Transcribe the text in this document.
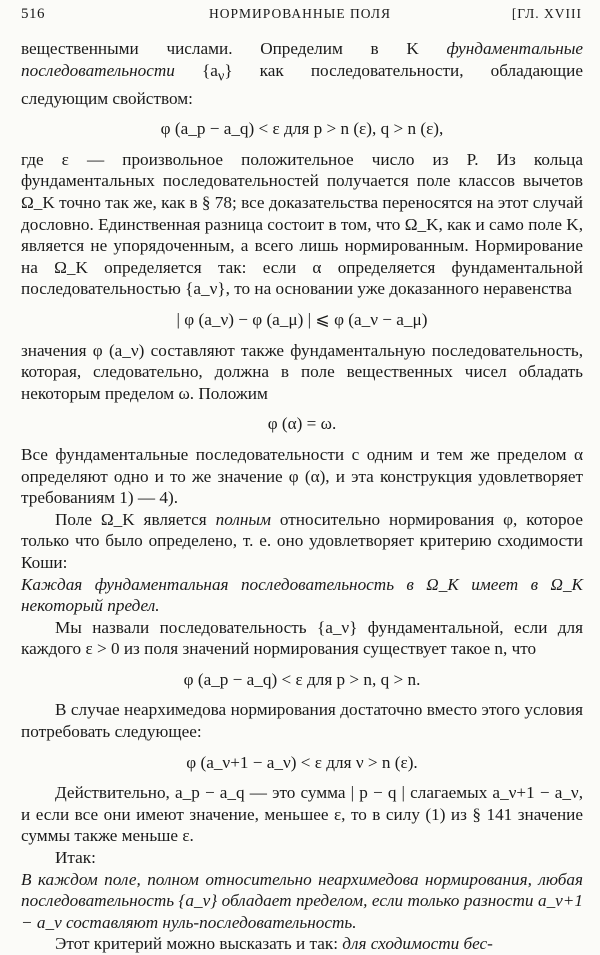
516	НОРМИРОВАННЫЕ ПОЛЯ	[ГЛ. XVIII

вещественными числами. Определим в K фундаментальные последовательности $\{a_\nu\}$ как последовательности, обладающие следующим свойством:

φ (a_p − a_q) < ε для p > n (ε), q > n (ε),

где ε — произвольное положительное число из P. Из кольца фундаментальных последовательностей получается поле классов вычетов Ω_K точно так же, как в § 78; все доказательства переносятся на этот случай дословно. Единственная разница состоит в том, что Ω_K, как и само поле K, является не упорядоченным, а всего лишь нормированным. Нормирование на Ω_K определяется так: если α определяется фундаментальной последовательностью {a_ν}, то на основании уже доказанного неравенства

| φ (a_ν) − φ (a_μ) | ⩽ φ (a_ν − a_μ)

значения φ (a_ν) составляют также фундаментальную последовательность, которая, следовательно, должна в поле вещественных чисел обладать некоторым пределом ω. Положим

φ (α) = ω.

Все фундаментальные последовательности с одним и тем же пределом α определяют одно и то же значение φ (α), и эта конструкция удовлетворяет требованиям 1) — 4).

Поле Ω_K является полным относительно нормирования φ, которое только что было определено, т. е. оно удовлетворяет критерию сходимости Коши:

Каждая фундаментальная последовательность в Ω_K имеет в Ω_K некоторый предел.

Мы назвали последовательность {a_ν} фундаментальной, если для каждого ε > 0 из поля значений нормирования существует такое n, что

φ (a_p − a_q) < ε для p > n, q > n.

В случае неархимедова нормирования достаточно вместо этого условия потребовать следующее:

φ (a_ν+1 − a_ν) < ε для ν > n (ε).

Действительно, a_p − a_q — это сумма | p − q | слагаемых a_ν+1 − a_ν, и если все они имеют значение, меньшее ε, то в силу (1) из § 141 значение суммы также меньше ε.

Итак:

В каждом поле, полном относительно неархимедова нормирования, любая последовательность {a_ν} обладает пределом, если только разности a_ν+1 − a_ν составляют нуль-последовательность.

Этот критерий можно высказать и так: для сходимости бес-
